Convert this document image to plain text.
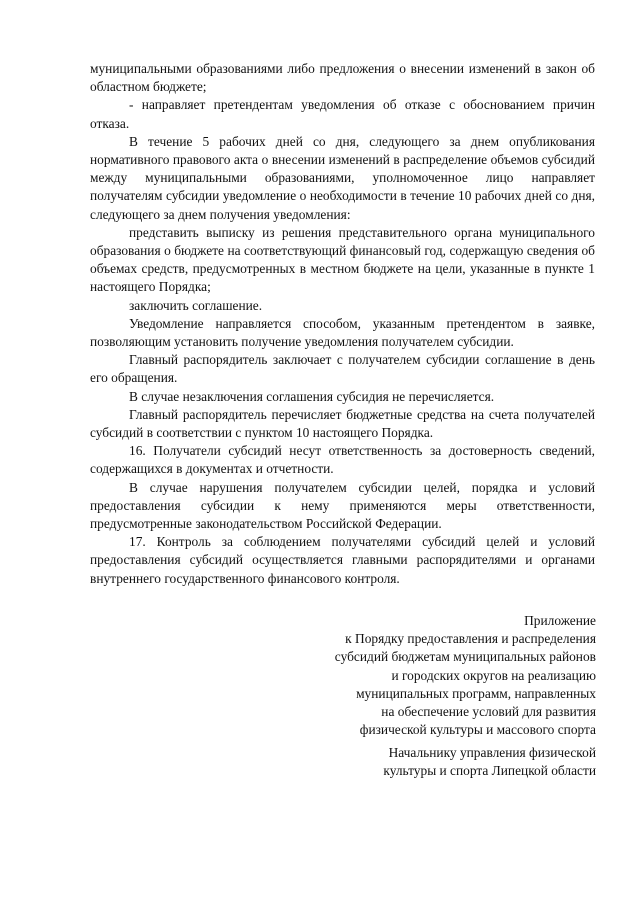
муниципальными образованиями либо предложения о внесении изменений в закон об областном бюджете;

- направляет претендентам уведомления об отказе с обоснованием причин отказа.

В течение 5 рабочих дней со дня, следующего за днем опубликования нормативного правового акта о внесении изменений в распределение объемов субсидий между муниципальными образованиями, уполномоченное лицо направляет получателям субсидии уведомление о необходимости в течение 10 рабочих дней со дня, следующего за днем получения уведомления:

представить выписку из решения представительного органа муниципального образования о бюджете на соответствующий финансовый год, содержащую сведения об объемах средств, предусмотренных в местном бюджете на цели, указанные в пункте 1 настоящего Порядка;

заключить соглашение.

Уведомление направляется способом, указанным претендентом в заявке, позволяющим установить получение уведомления получателем субсидии.

Главный распорядитель заключает с получателем субсидии соглашение в день его обращения.

В случае незаключения соглашения субсидия не перечисляется.

Главный распорядитель перечисляет бюджетные средства на счета получателей субсидий в соответствии с пунктом 10 настоящего Порядка.

16. Получатели субсидий несут ответственность за достоверность сведений, содержащихся в документах и отчетности.

В случае нарушения получателем субсидии целей, порядка и условий предоставления субсидии к нему применяются меры ответственности, предусмотренные законодательством Российской Федерации.

17. Контроль за соблюдением получателями субсидий целей и условий предоставления субсидий осуществляется главными распорядителями и органами внутреннего государственного финансового контроля.

Приложение
к Порядку предоставления и распределения
субсидий бюджетам муниципальных районов
и городских округов на реализацию
муниципальных программ, направленных
на обеспечение условий для развития
физической культуры и массового спорта
Начальнику управления физической
культуры и спорта Липецкой области
